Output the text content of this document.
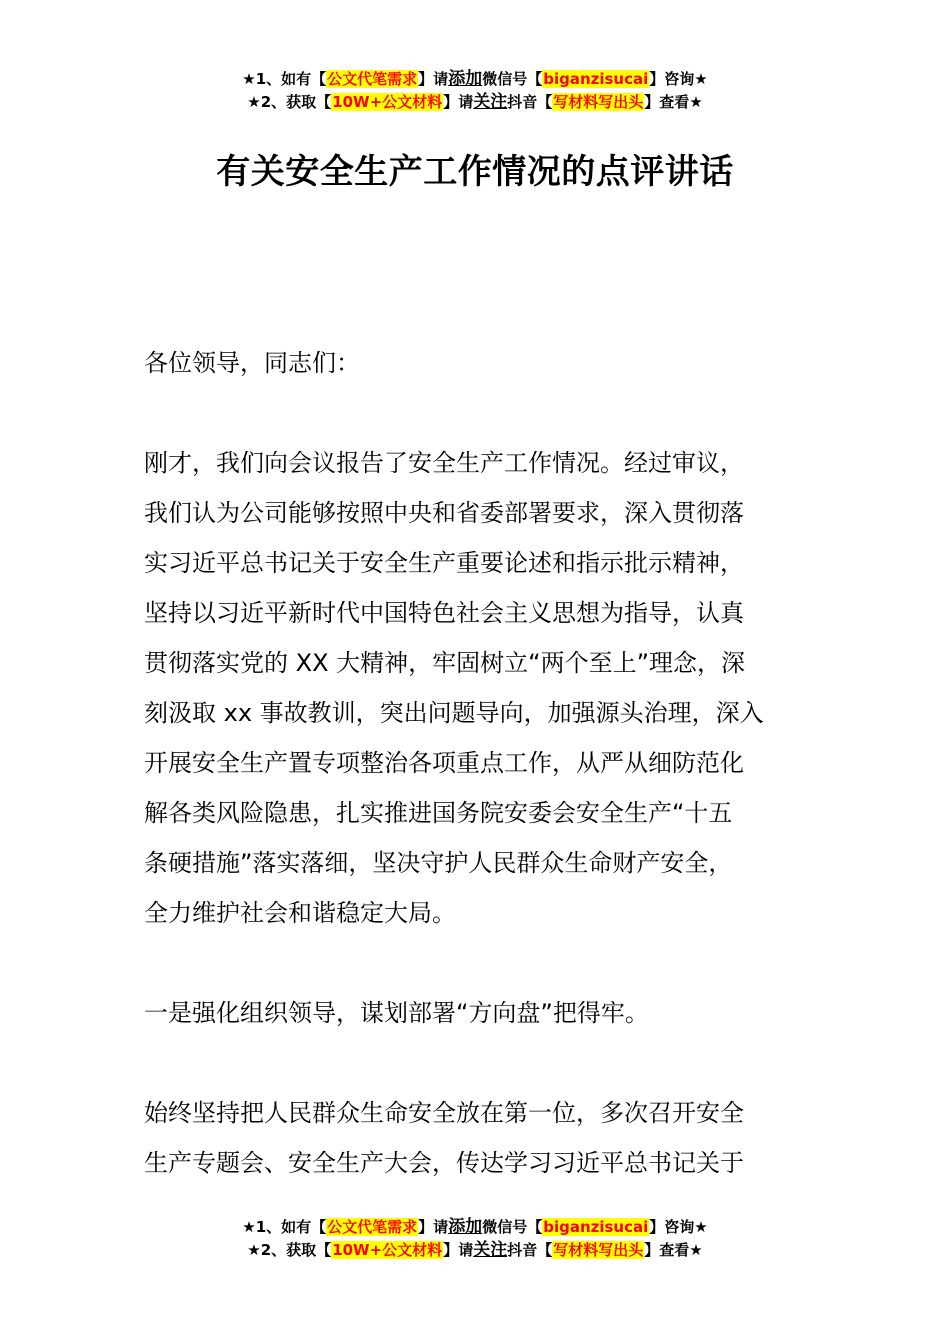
★1、如有【公文代笔需求】请添加微信号【biganzisucai】咨询★
★2、获取【10W+公文材料】请关注抖音【写材料写出头】查看★
有关安全生产工作情况的点评讲话

各位领导，同志们：

刚才，我们向会议报告了安全生产工作情况。经过审议，
我们认为公司能够按照中央和省委部署要求，深入贯彻落
实习近平总书记关于安全生产重要论述和指示批示精神，
坚持以习近平新时代中国特色社会主义思想为指导，认真
贯彻落实党的 XX 大精神，牢固树立“两个至上”理念，深
刻汲取 xx 事故教训，突出问题导向，加强源头治理，深入
开展安全生产置专项整治各项重点工作，从严从细防范化
解各类风险隐患，扎实推进国务院安委会安全生产“十五
条硬措施”落实落细，坚决守护人民群众生命财产安全，
全力维护社会和谐稳定大局。

一是强化组织领导，谋划部署“方向盘”把得牢。

始终坚持把人民群众生命安全放在第一位，多次召开安全
生产专题会、安全生产大会，传达学习习近平总书记关于

★1、如有【公文代笔需求】请添加微信号【biganzisucai】咨询★
★2、获取【10W+公文材料】请关注抖音【写材料写出头】查看★
